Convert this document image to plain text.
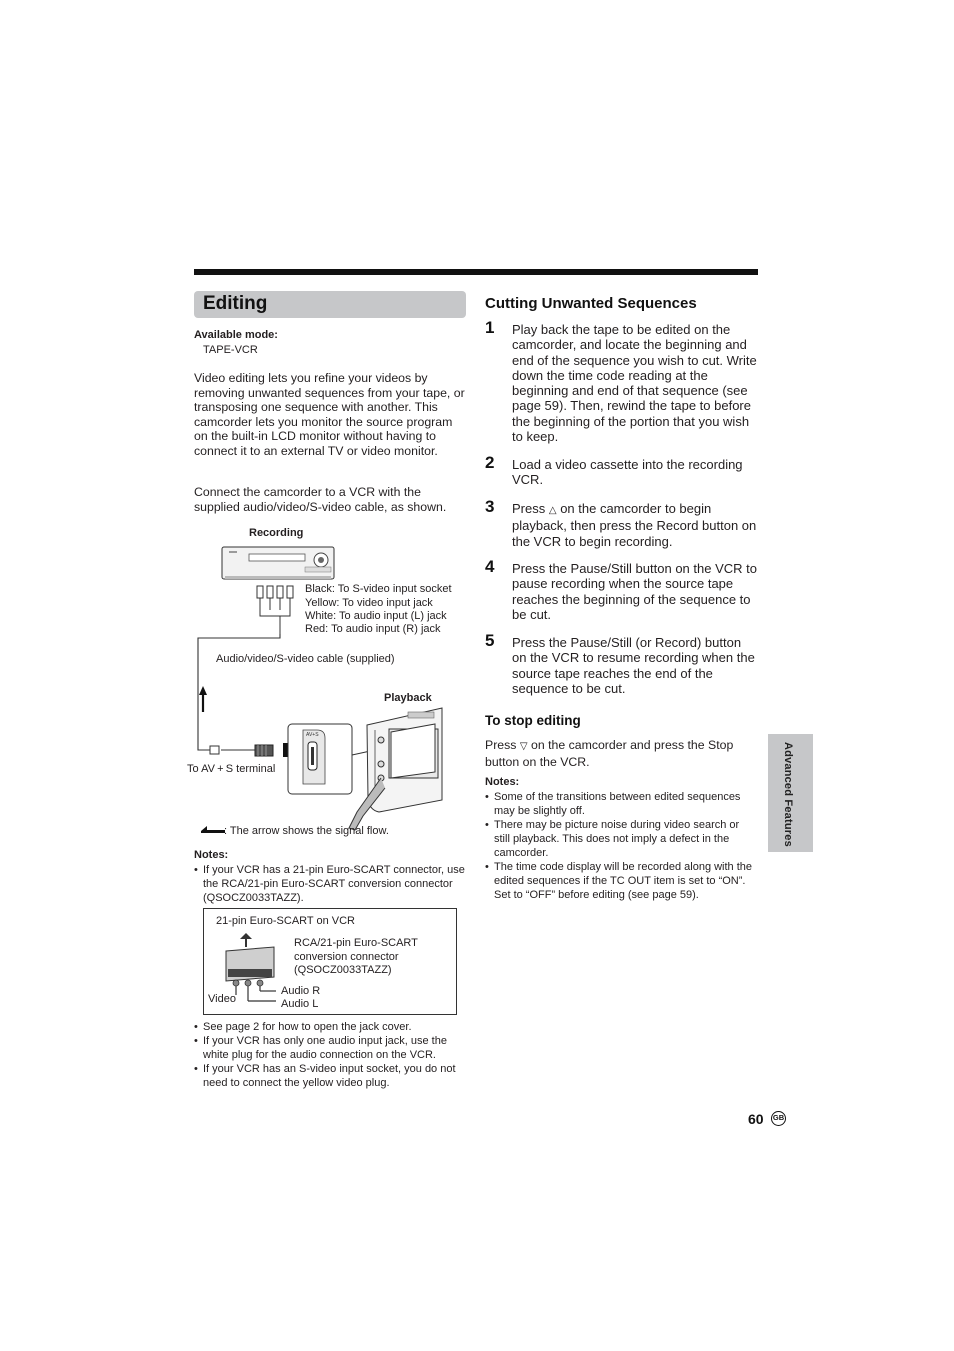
Editing
Available mode:
TAPE-VCR
Video editing lets you refine your videos by removing unwanted sequences from your tape, or transposing one sequence with another. This camcorder lets you monitor the source program on the built-in LCD monitor without having to connect it to an external TV or video monitor.
Connect the camcorder to a VCR with the supplied audio/video/S-video cable, as shown.
Recording
AV+S
Black: To S-video input socket
Yellow: To video input jack
White: To audio input (L) jack
Red: To audio input (R) jack
Audio/video/S-video cable (supplied)
Playback
To AV + S terminal
: The arrow shows the signal flow.
Notes:
• If your VCR has a 21-pin Euro-SCART connector, use the RCA/21-pin Euro-SCART conversion connector (QSOCZ0033TAZZ).
21-pin Euro-SCART on VCR
RCA/21-pin Euro-SCART
conversion connector
(QSOCZ0033TAZZ)
Video
Audio R
Audio L
• See page 2 for how to open the jack cover.
• If your VCR has only one audio input jack, use the white plug for the audio connection on the VCR.
• If your VCR has an S-video input socket, you do not need to connect the yellow video plug.
Cutting Unwanted Sequences
1 Play back the tape to be edited on the camcorder, and locate the beginning and end of the sequence you wish to cut. Write down the time code reading at the beginning and end of that sequence (see page 59). Then, rewind the tape to before the beginning of the portion that you wish to keep.
2 Load a video cassette into the recording VCR.
3 Press △ on the camcorder to begin playback, then press the Record button on the VCR to begin recording.
4 Press the Pause/Still button on the VCR to pause recording when the source tape reaches the beginning of the sequence to be cut.
5 Press the Pause/Still (or Record) button on the VCR to resume recording when the source tape reaches the end of the sequence to be cut.
To stop editing
Press ▽ on the camcorder and press the Stop button on the VCR.
Notes:
• Some of the transitions between edited sequences may be slightly off.
• There may be picture noise during video search or still playback. This does not imply a defect in the camcorder.
• The time code display will be recorded along with the edited sequences if the TC OUT item is set to “ON”. Set to “OFF” before editing (see page 59).
Advanced Features
60 GB
